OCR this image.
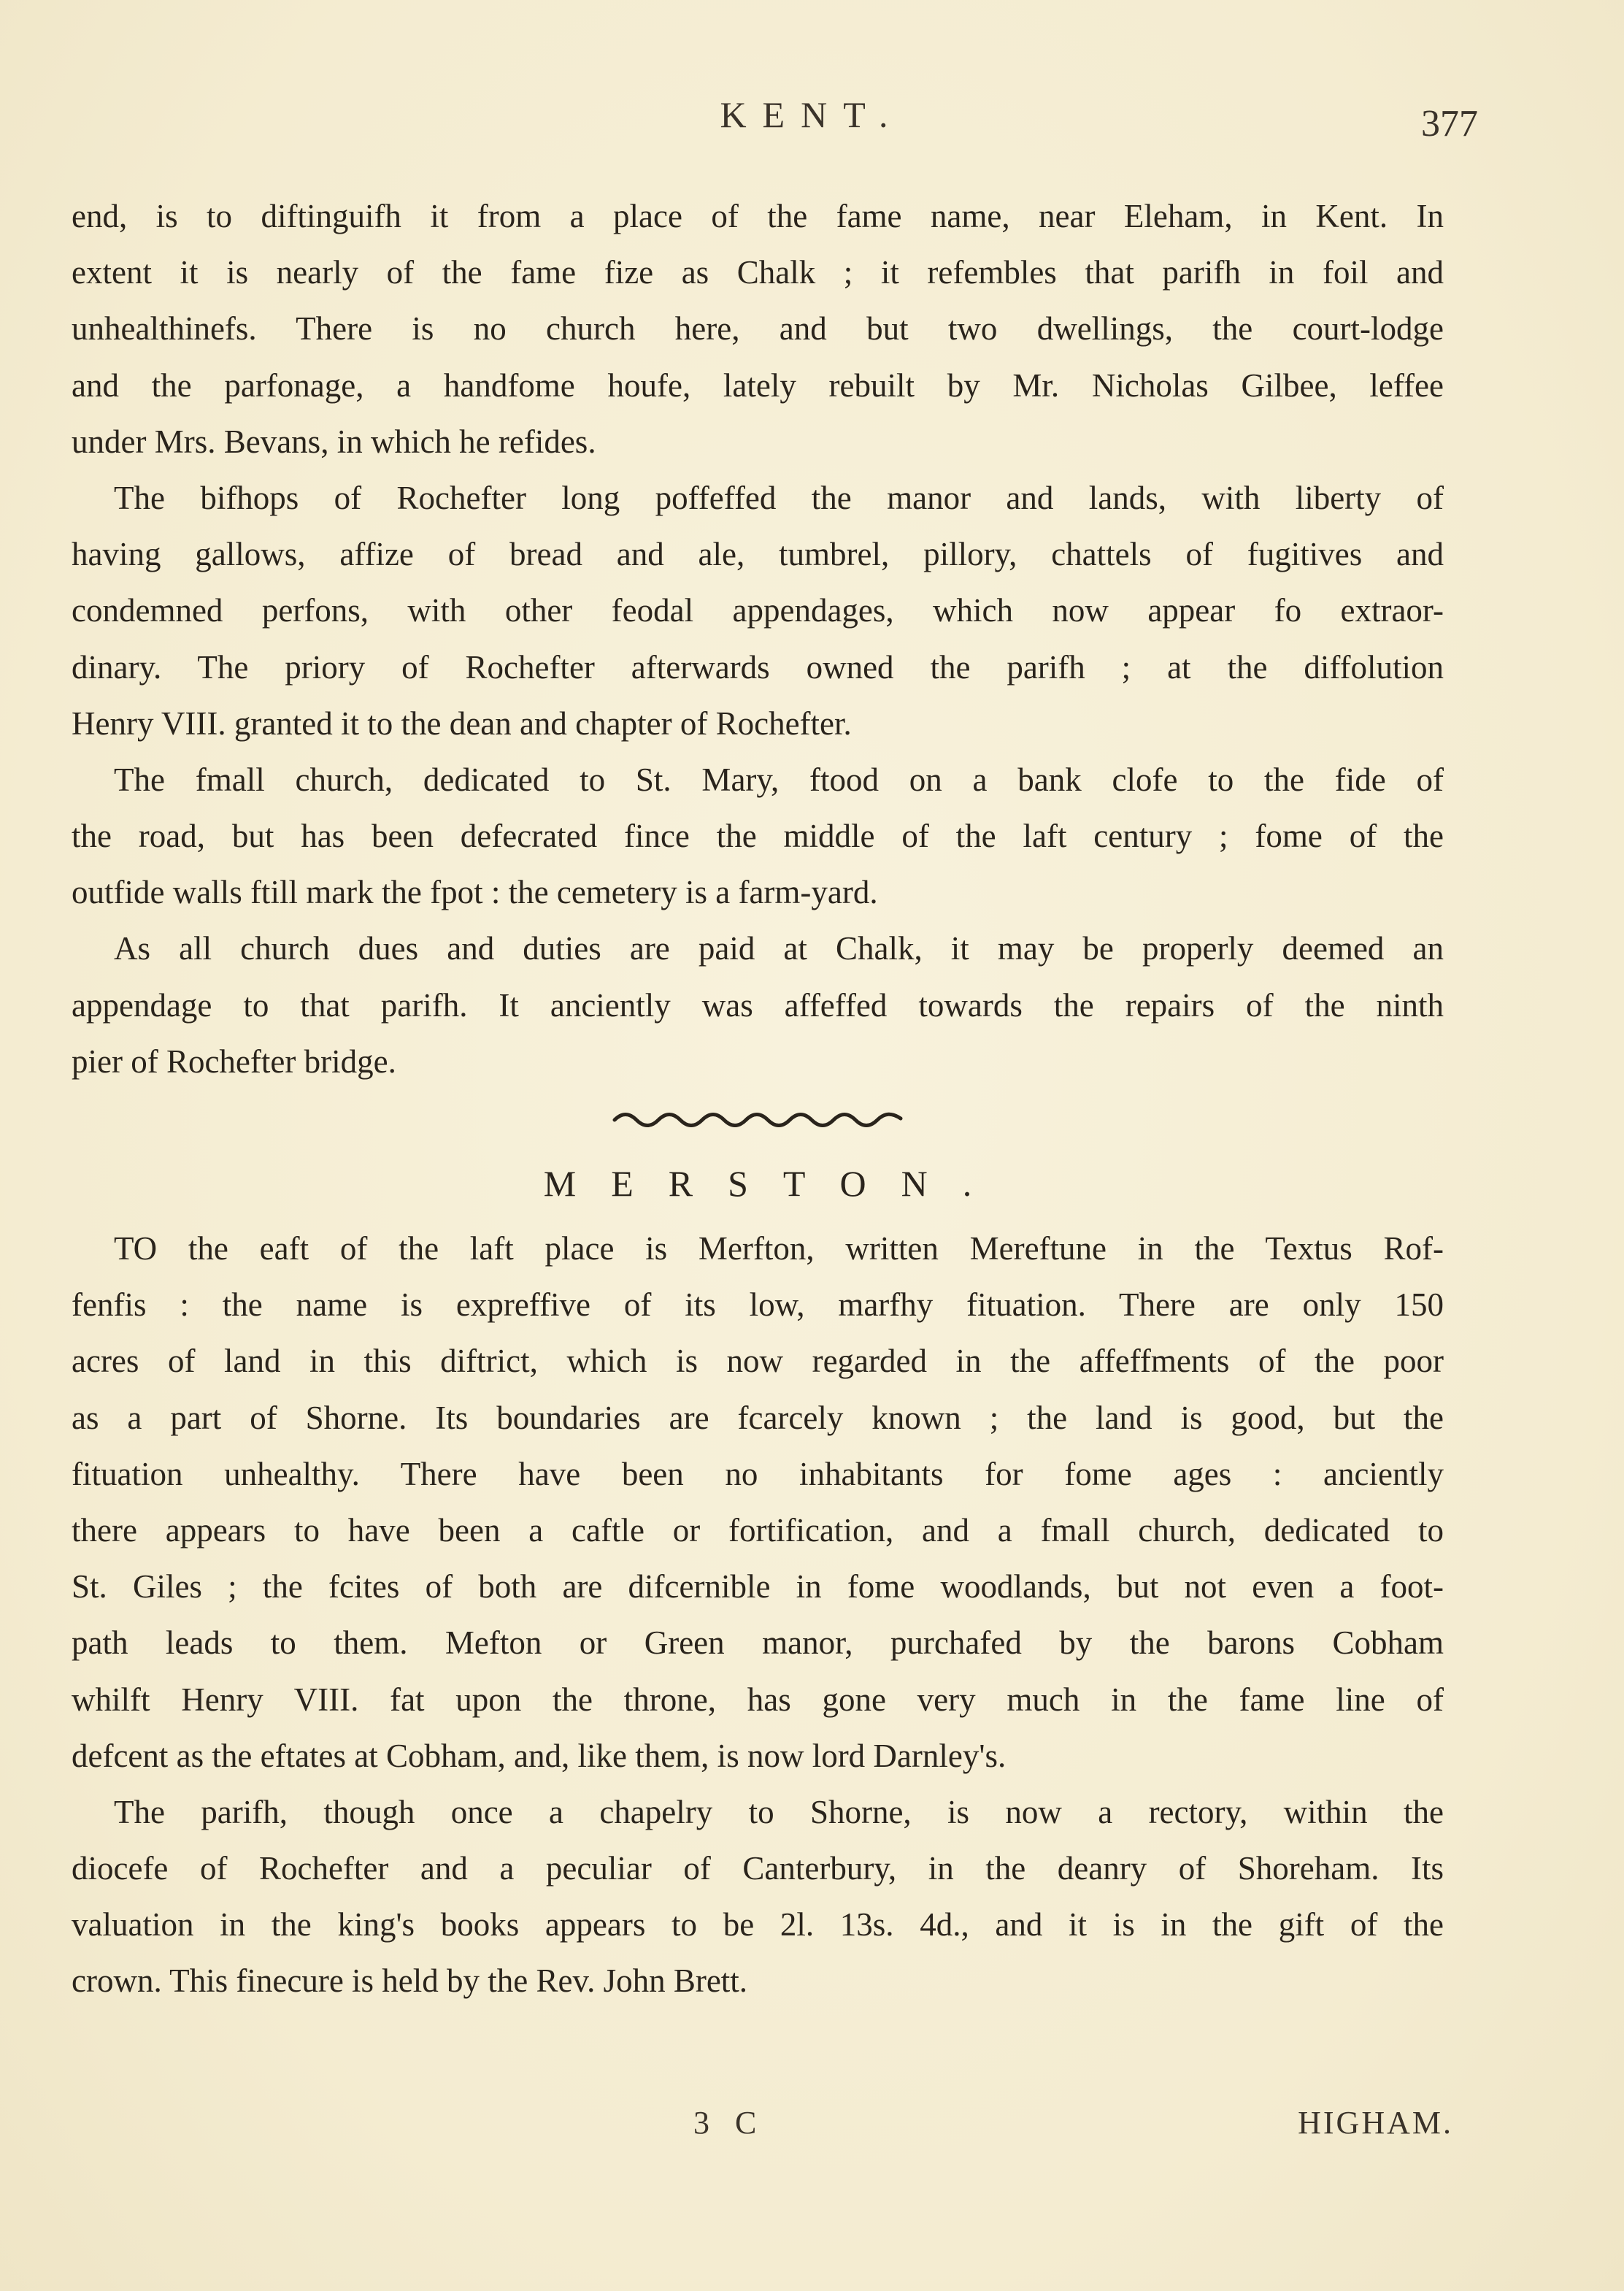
KENT.	377
end, is to diftinguifh it from a place of the fame name, near Eleham, in Kent. In
extent it is nearly of the fame fize as Chalk ; it refembles that parifh in foil and
unhealthinefs. There is no church here, and but two dwellings, the court-lodge
and the parfonage, a handfome houfe, lately rebuilt by Mr. Nicholas Gilbee, leffee
under Mrs. Bevans, in which he refides.
The bifhops of Rochefter long poffeffed the manor and lands, with liberty of
having gallows, affize of bread and ale, tumbrel, pillory, chattels of fugitives and
condemned perfons, with other feodal appendages, which now appear fo extraor-
dinary. The priory of Rochefter afterwards owned the parifh ; at the diffolution
Henry VIII. granted it to the dean and chapter of Rochefter.
The fmall church, dedicated to St. Mary, ftood on a bank clofe to the fide of
the road, but has been defecrated fince the middle of the laft century ; fome of the
outfide walls ftill mark the fpot : the cemetery is a farm-yard.
As all church dues and duties are paid at Chalk, it may be properly deemed an
appendage to that parifh. It anciently was affeffed towards the repairs of the ninth
pier of Rochefter bridge.
MERSTON.
TO the eaft of the laft place is Merfton, written Mereftune in the Textus Rof-
fenfis : the name is expreffive of its low, marfhy fituation. There are only 150
acres of land in this diftrict, which is now regarded in the affeffments of the poor
as a part of Shorne. Its boundaries are fcarcely known ; the land is good, but the
fituation unhealthy. There have been no inhabitants for fome ages : anciently
there appears to have been a caftle or fortification, and a fmall church, dedicated to
St. Giles ; the fcites of both are difcernible in fome woodlands, but not even a foot-
path leads to them. Mefton or Green manor, purchafed by the barons Cobham
whilft Henry VIII. fat upon the throne, has gone very much in the fame line of
defcent as the eftates at Cobham, and, like them, is now lord Darnley's.
The parifh, though once a chapelry to Shorne, is now a rectory, within the
diocefe of Rochefter and a peculiar of Canterbury, in the deanry of Shoreham. Its
valuation in the king's books appears to be 2l. 13s. 4d., and it is in the gift of the
crown. This finecure is held by the Rev. John Brett.
3 C	HIGHAM.
